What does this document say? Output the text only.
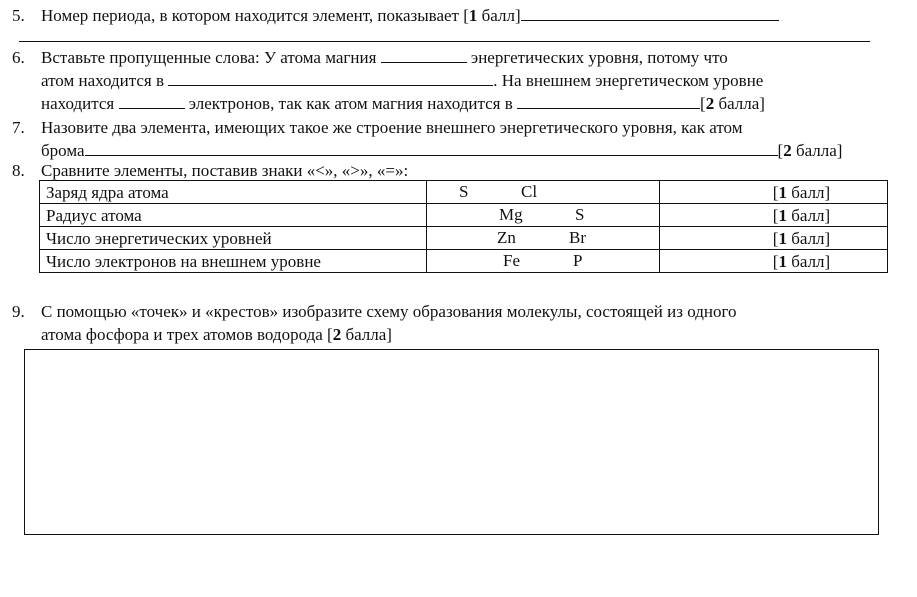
5. Номер периода, в котором находится элемент, показывает [1 балл]
6. Вставьте пропущенные слова: У атома магния	энергетических уровня, потому что
атом находится в	. На внешнем энергетическом уровне
находится	электронов, так как атом магния находится в	[2 балла]
7. Назовите два элемента, имеющих такое же строение внешнего энергетического уровня, как атом
брома	[2 балла]
8. Сравните элементы, поставив знаки «<», «>», «=»:
Заряд ядра атома	S Cl	[1 балл]
Радиус атома	Mg S	[1 балл]
Число энергетических уровней	Zn Br	[1 балл]
Число электронов на внешнем уровне	Fe P	[1 балл]
9. С помощью «точек» и «крестов» изобразите схему образования молекулы, состоящей из одного
атома фосфора и трех атомов водорода [2 балла]
